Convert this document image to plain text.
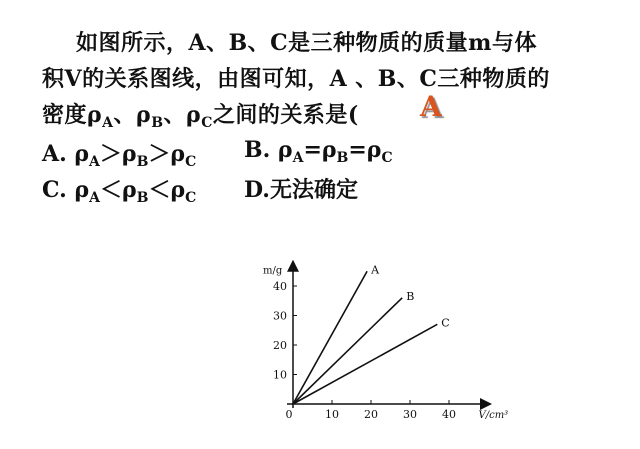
如图所示，A、B、C是三种物质的质量m与体
积V的关系图线，由图可知，A 、B、C三种物质的
密度$\rho_A$、$\rho_B$、$\rho_C$之间的关系是( A
A. $\rho_A>\rho_B>\rho_C$ B. $\rho_A=\rho_B=\rho_C$
C. $\rho_A<\rho_B<\rho_C$ D.无法确定
0	10 20 30 40
10
20
30
40
m/g
V/cm³
A
B
C
